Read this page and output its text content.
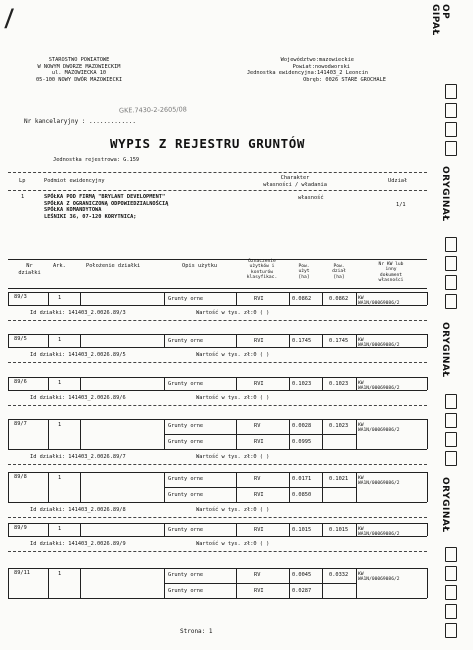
/
STAROSTWO POWIATOWE
W NOWYM DWORZE MAZOWIECKIM
ul. MAZOWIECKA 10
05-100 NOWY DWÓR MAZOWIECKI
Województwo:mazowieckie
Powiat:nowodworski
Jednostka ewidencyjna:141403_2 Leoncin
Obręb: 0026 STARE GROCHALE
GKE.7430-2-2605/08
Nr kancelaryjny : .............
WYPIS Z REJESTRU GRUNTÓW
Jednostka rejestrowa: G.159
Lp	Podmiot ewidencyjny	Charakter
własności / władania
Udział
1	SPÓŁKA POD FIRMĄ "BRYLANT DEVELOPMENT"
SPÓŁKA Z OGRANICZONĄ ODPOWIEDZIALNOŚCIĄ
SPÓŁKA KOMANDYTOWA
LEŚNIKI 36, 07-120 KORYTNICA;
własność
1/1
Nr
działki
Ark.	Położenie działki	Opis użytku
Oznaczenie
użytków i
konturów
klasyfikac.
Pow.
użyt
[ha]
Pow.
dział
[ha]
Nr KW lub
inny
dokument
własności
89/3	1	Grunty orne	RVI	0.0862	0.0862 KW
WA1N/00069086/2
Id działki: 141403_2.0026.89/3	Wartość w tys. zł:0 ( )
89/5	1	Grunty orne	RVI	0.1745	0.1745 KW
WA1N/00069086/2
Id działki: 141403_2.0026.89/5	Wartość w tys. zł:0 ( )
89/6	1	Grunty orne	RVI	0.1023	0.1023 KW
WA1N/00069086/2
Id działki: 141403_2.0026.89/6	Wartość w tys. zł:0 ( )
89/7	1	Grunty orne	RV	0.0028
Grunty orne	RVI	0.0995
0.1023 KW
WA1N/00069086/2
Id działki: 141403_2.0026.89/7	Wartość w tys. zł:0 ( )
89/8	1	Grunty orne	RV	0.0171
Grunty orne	RVI	0.0850
0.1021 KW
WA1N/00069086/2
Id działki: 141403_2.0026.89/8	Wartość w tys. zł:0 ( )
89/9	1	Grunty orne	RVI	0.1015	0.1015 KW
WA1N/00069086/2
Id działki: 141403_2.0026.89/9	Wartość w tys. zł:0 ( )
89/11	1	Grunty orne	RV	0.0045
Grunty orne	RVI	0.0287
0.0332 KW
WA1N/00069086/2
Strona: 1
OP GIPAŁ
ORYGINAŁ
ORYGINAŁ
ORYGINAŁ
